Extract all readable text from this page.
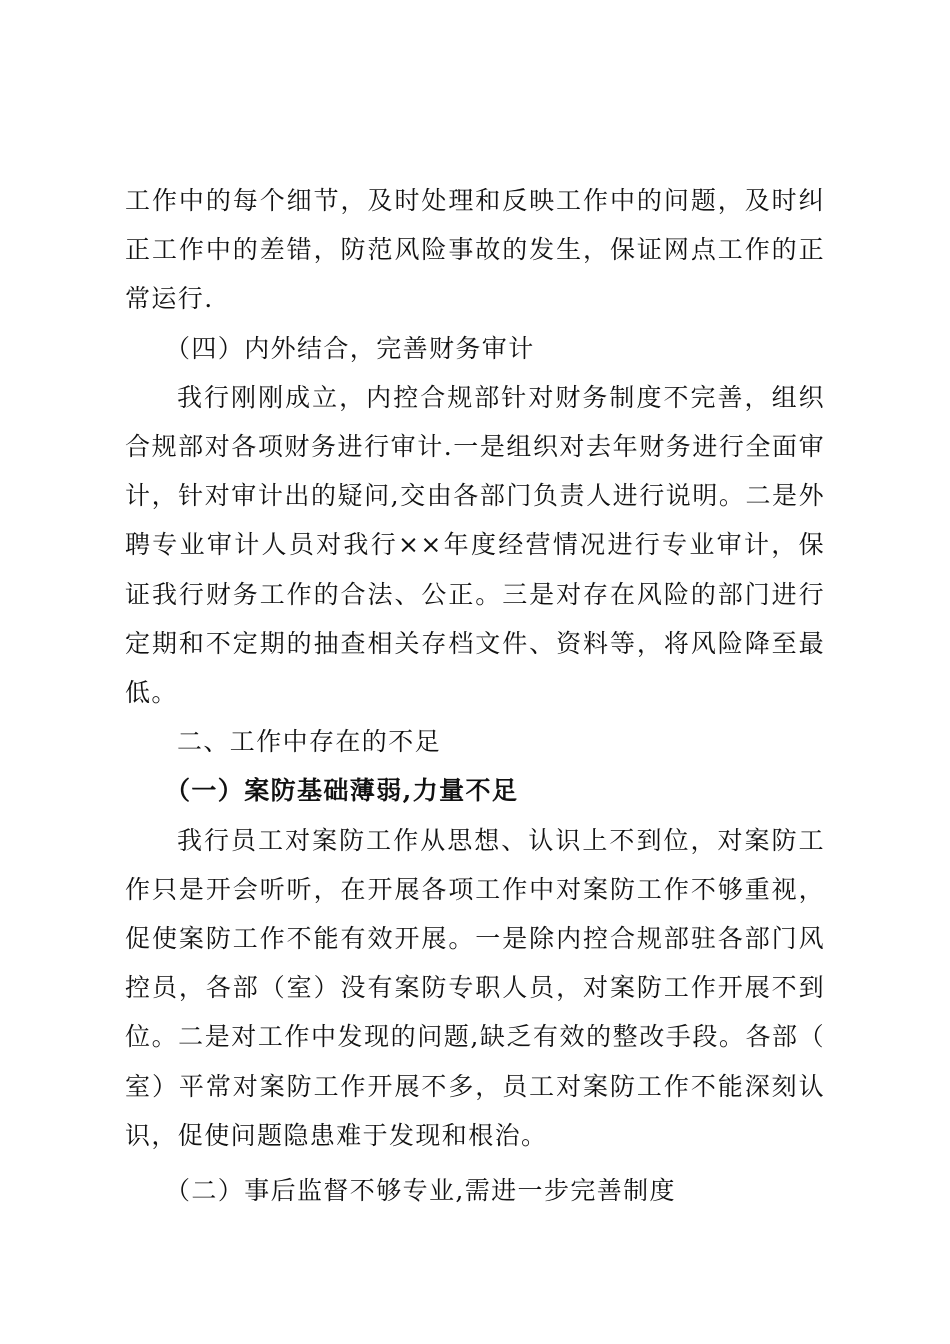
工作中的每个细节，及时处理和反映工作中的问题，及时纠正工作中的差错，防范风险事故的发生，保证网点工作的正常运行.

（四）内外结合，完善财务审计

我行刚刚成立，内控合规部针对财务制度不完善，组织合规部对各项财务进行审计.一是组织对去年财务进行全面审计，针对审计出的疑问,交由各部门负责人进行说明。二是外聘专业审计人员对我行××年度经营情况进行专业审计，保证我行财务工作的合法、公正。三是对存在风险的部门进行定期和不定期的抽查相关存档文件、资料等，将风险降至最低。

二、工作中存在的不足

（一）案防基础薄弱,力量不足

我行员工对案防工作从思想、认识上不到位，对案防工作只是开会听听，在开展各项工作中对案防工作不够重视，促使案防工作不能有效开展。一是除内控合规部驻各部门风控员，各部（室）没有案防专职人员，对案防工作开展不到位。二是对工作中发现的问题,缺乏有效的整改手段。各部（室）平常对案防工作开展不多，员工对案防工作不能深刻认识，促使问题隐患难于发现和根治。

（二）事后监督不够专业,需进一步完善制度
